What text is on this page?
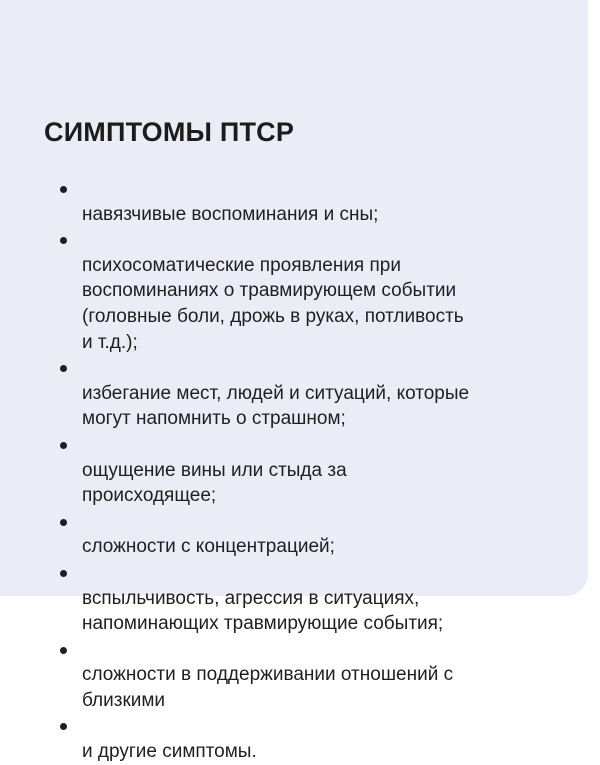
СИМПТОМЫ ПТСР

навязчивые воспоминания и сны;

психосоматические проявления при
воспоминаниях о травмирующем событии
(головные боли, дрожь в руках, потливость
и т.д.);

избегание мест, людей и ситуаций, которые
могут напомнить о страшном;

ощущение вины или стыда за
происходящее;

сложности с концентрацией;

вспыльчивость, агрессия в ситуациях,
напоминающих травмирующие события;

сложности в поддерживании отношений с
близкими

и другие симптомы.
